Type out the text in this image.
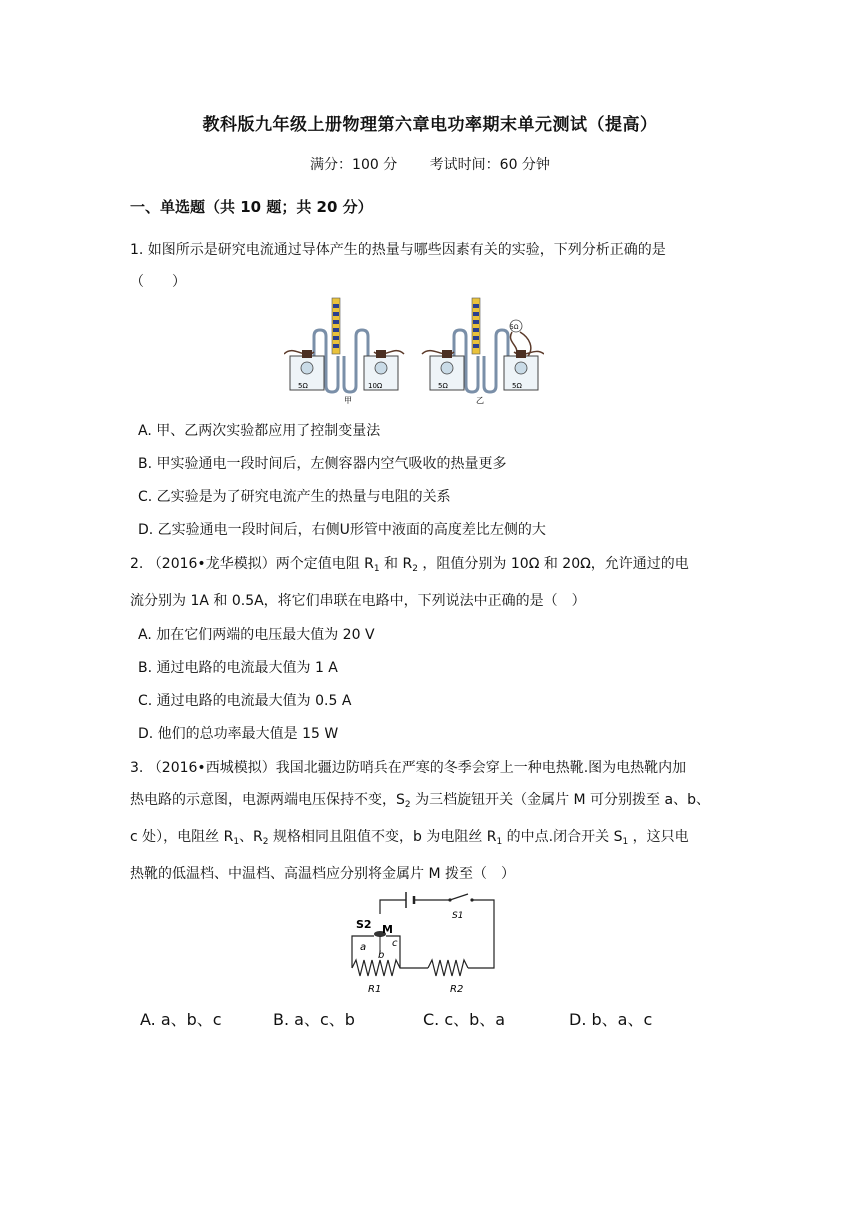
教科版九年级上册物理第六章电功率期末单元测试（提高）
满分：100 分 考试时间：60 分钟
一、单选题（共 10 题；共 20 分）
1. 如图所示是研究电流通过导体产生的热量与哪些因素有关的实验，下列分析正确的是
（　　）
5Ω	10Ω
甲
5Ω	5Ω
5Ω
乙
A. 甲、乙两次实验都应用了控制变量法
B. 甲实验通电一段时间后，左侧容器内空气吸收的热量更多
C. 乙实验是为了研究电流产生的热量与电阻的关系
D. 乙实验通电一段时间后，右侧U形管中液面的高度差比左侧的大
2. （2016•龙华模拟）两个定值电阻 $R_1$ 和 $R_2$ ，阻值分别为 10Ω 和 20Ω，允许通过的电
流分别为 1A 和 0.5A，将它们串联在电路中，下列说法中正确的是（　）
A. 加在它们两端的电压最大值为 20 V
B. 通过电路的电流最大值为 1 A
C. 通过电路的电流最大值为 0.5 A
D. 他们的总功率最大值是 15 W
3. （2016•西城模拟）我国北疆边防哨兵在严寒的冬季会穿上一种电热靴.图为电热靴内加
热电路的示意图，电源两端电压保持不变，$S_2$ 为三档旋钮开关（金属片 M 可分别拨至 a、b、
c 处），电阻丝 $R_1$、$R_2$ 规格相同且阻值不变，b 为电阻丝 $R_1$ 的中点.闭合开关 $S_1$ ，这只电
热靴的低温档、中温档、高温档应分别将金属片 M 拨至（　）
S2 M
a
b
c
S1
R1	R2
A. a、b、c	B. a、c、b	C. c、b、a	D. b、a、c
